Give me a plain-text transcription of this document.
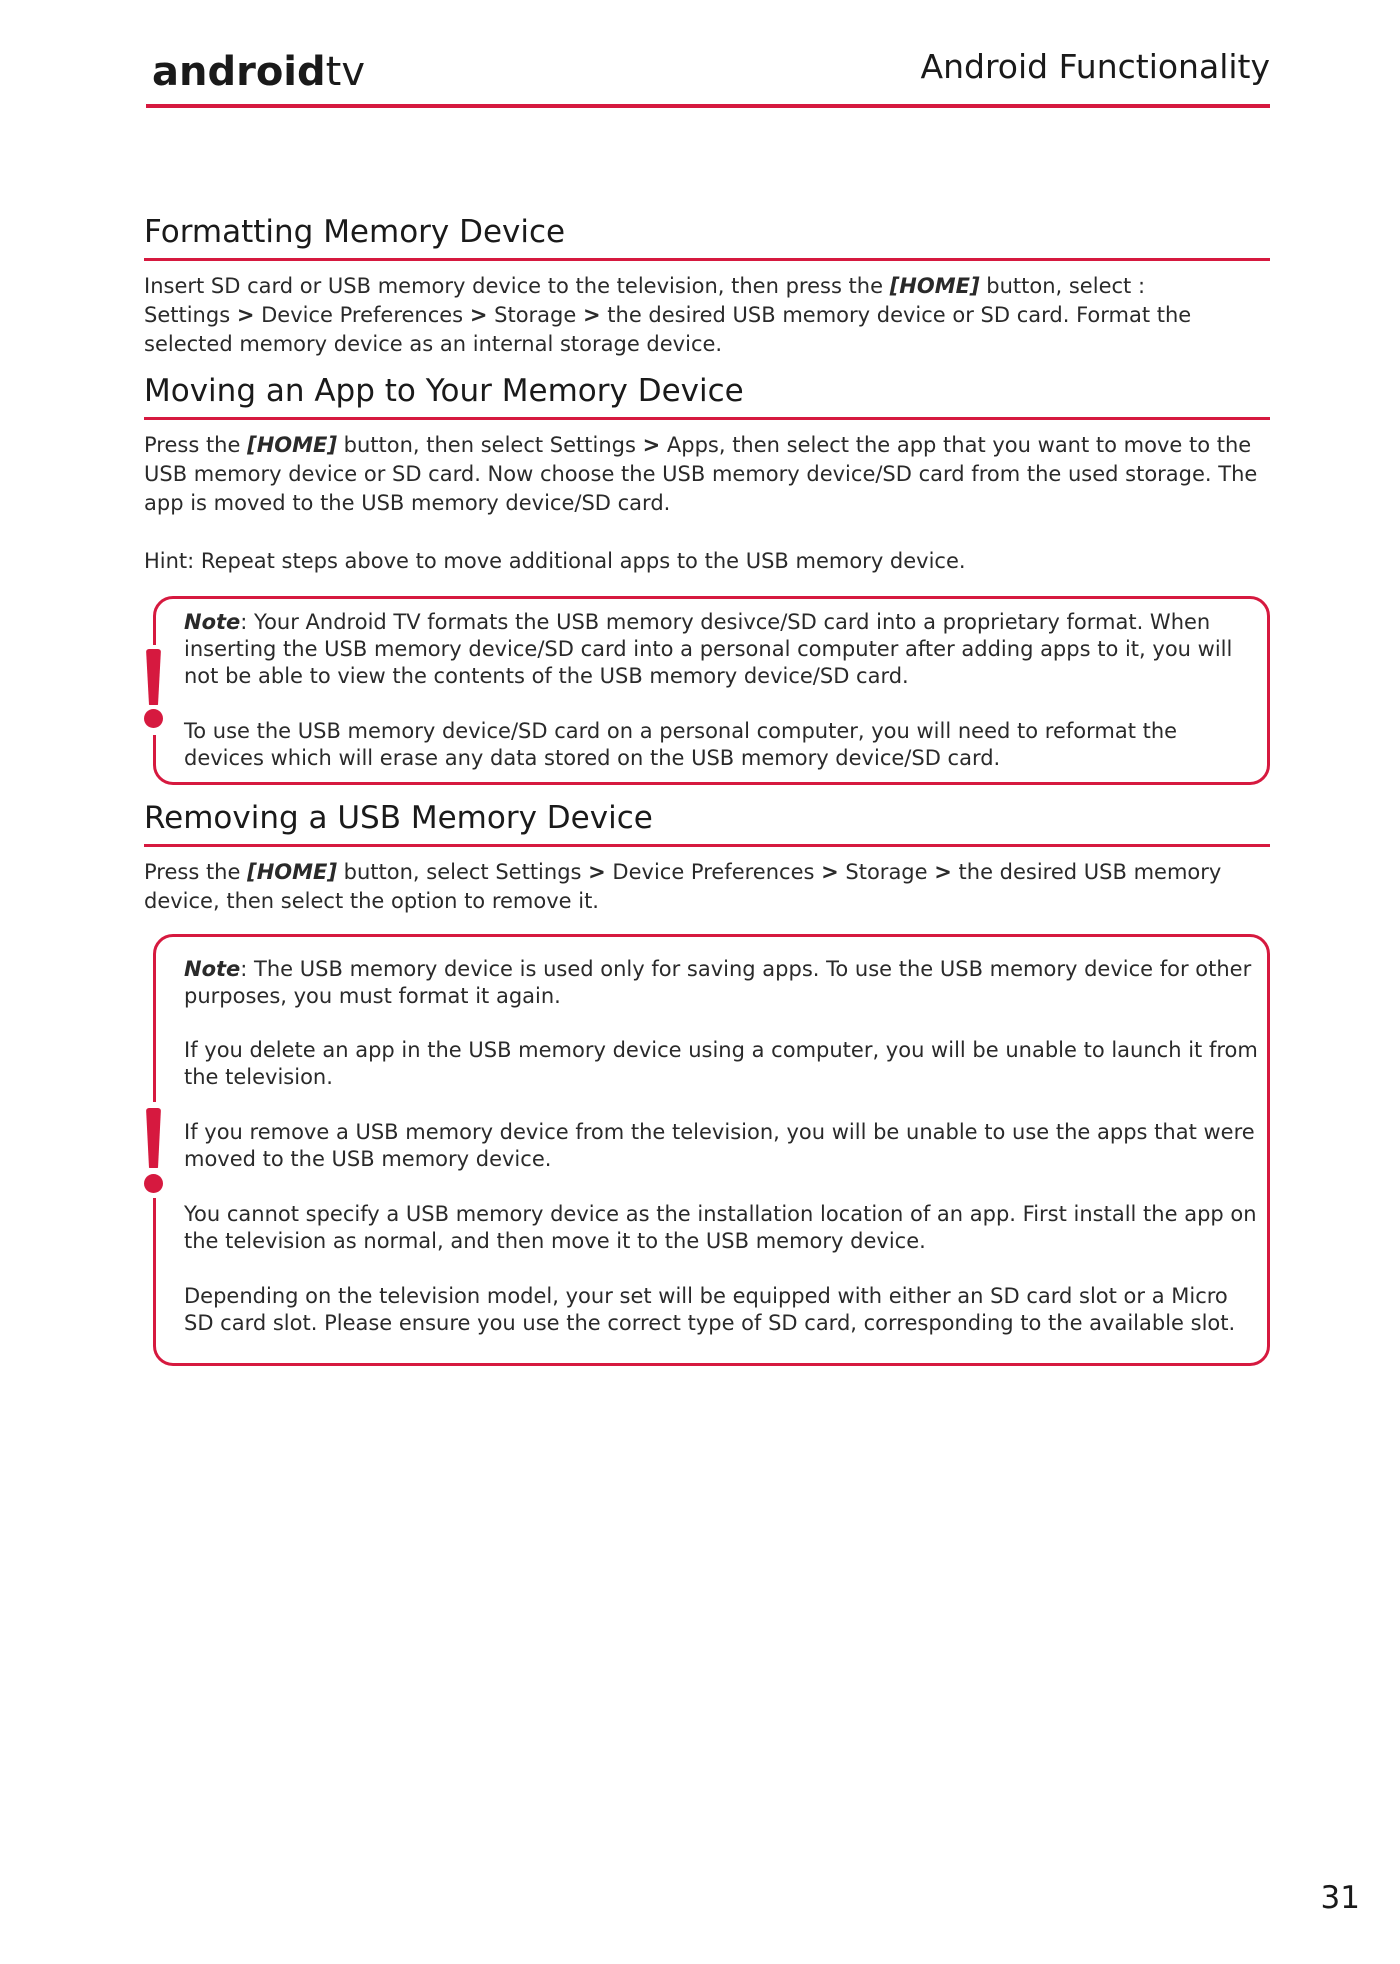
androidtv	Android Functionality
Formatting Memory Device

Insert SD card or USB memory device to the television, then press the [HOME] button, select :
Settings > Device Preferences > Storage > the desired USB memory device or SD card. Format the selected memory device as an internal storage device.

Moving an App to Your Memory Device

Press the [HOME] button, then select Settings > Apps, then select the app that you want to move to the USB memory device or SD card. Now choose the USB memory device/SD card from the used storage. The app is moved to the USB memory device/SD card.

Hint: Repeat steps above to move additional apps to the USB memory device.

Note: Your Android TV formats the USB memory desivce/SD card into a proprietary format. When inserting the USB memory device/SD card into a personal computer after adding apps to it, you will not be able to view the contents of the USB memory device/SD card.

To use the USB memory device/SD card on a personal computer, you will need to reformat the devices which will erase any data stored on the USB memory device/SD card.

Removing a USB Memory Device

Press the [HOME] button, select Settings > Device Preferences > Storage > the desired USB memory device, then select the option to remove it.

Note: The USB memory device is used only for saving apps. To use the USB memory device for other purposes, you must format it again.

If you delete an app in the USB memory device using a computer, you will be unable to launch it from the television.

If you remove a USB memory device from the television, you will be unable to use the apps that were moved to the USB memory device.

You cannot specify a USB memory device as the installation location of an app. First install the app on the television as normal, and then move it to the USB memory device.

Depending on the television model, your set will be equipped with either an SD card slot or a Micro SD card slot. Please ensure you use the correct type of SD card, corresponding to the available slot.

31
